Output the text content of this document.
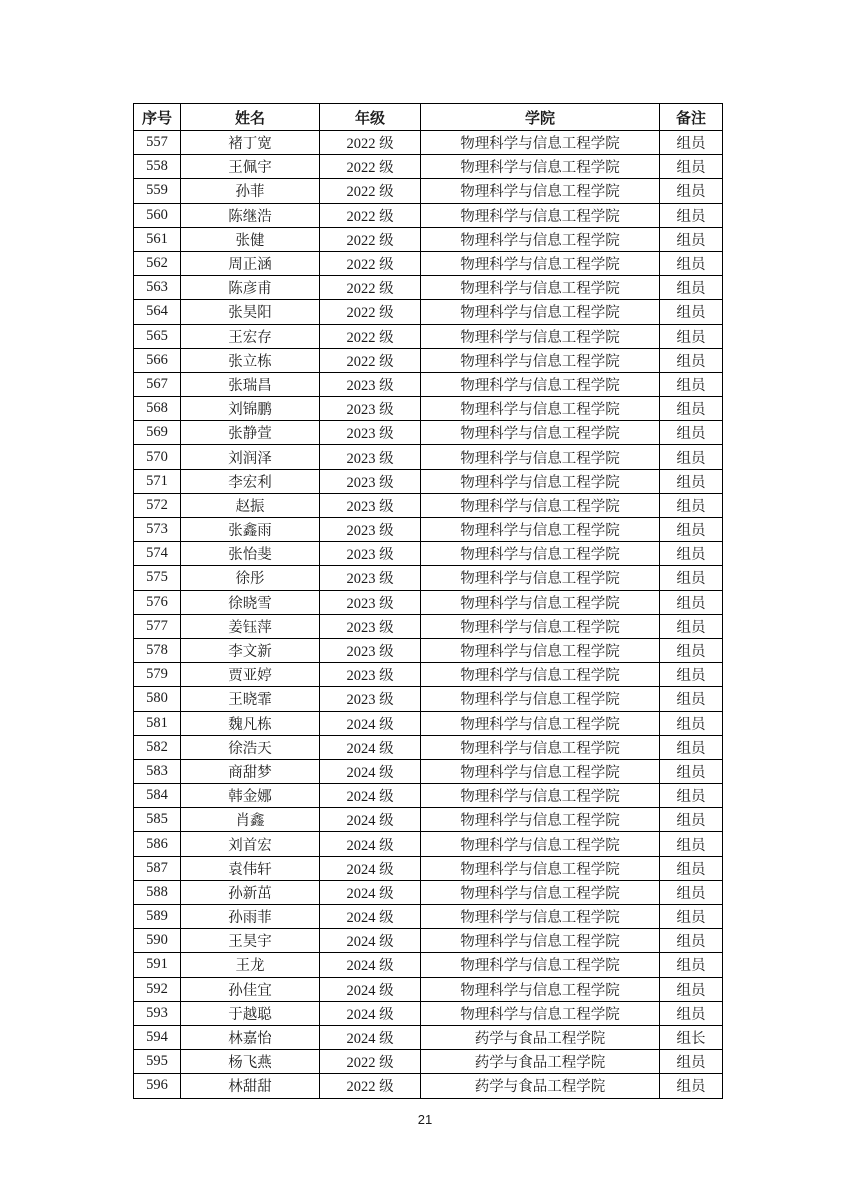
序号	姓名	年级	学院	备注
557	褚丁宽	2022 级	物理科学与信息工程学院	组员
558	王佩宇	2022 级	物理科学与信息工程学院	组员
559	孙菲	2022 级	物理科学与信息工程学院	组员
560	陈继浩	2022 级	物理科学与信息工程学院	组员
561	张健	2022 级	物理科学与信息工程学院	组员
562	周正涵	2022 级	物理科学与信息工程学院	组员
563	陈彦甫	2022 级	物理科学与信息工程学院	组员
564	张昊阳	2022 级	物理科学与信息工程学院	组员
565	王宏存	2022 级	物理科学与信息工程学院	组员
566	张立栋	2022 级	物理科学与信息工程学院	组员
567	张瑞昌	2023 级	物理科学与信息工程学院	组员
568	刘锦鹏	2023 级	物理科学与信息工程学院	组员
569	张静萱	2023 级	物理科学与信息工程学院	组员
570	刘润泽	2023 级	物理科学与信息工程学院	组员
571	李宏利	2023 级	物理科学与信息工程学院	组员
572	赵振	2023 级	物理科学与信息工程学院	组员
573	张鑫雨	2023 级	物理科学与信息工程学院	组员
574	张怡斐	2023 级	物理科学与信息工程学院	组员
575	徐彤	2023 级	物理科学与信息工程学院	组员
576	徐晓雪	2023 级	物理科学与信息工程学院	组员
577	姜钰萍	2023 级	物理科学与信息工程学院	组员
578	李文新	2023 级	物理科学与信息工程学院	组员
579	贾亚婷	2023 级	物理科学与信息工程学院	组员
580	王晓霏	2023 级	物理科学与信息工程学院	组员
581	魏凡栋	2024 级	物理科学与信息工程学院	组员
582	徐浩天	2024 级	物理科学与信息工程学院	组员
583	商甜梦	2024 级	物理科学与信息工程学院	组员
584	韩金娜	2024 级	物理科学与信息工程学院	组员
585	肖鑫	2024 级	物理科学与信息工程学院	组员
586	刘首宏	2024 级	物理科学与信息工程学院	组员
587	袁伟轩	2024 级	物理科学与信息工程学院	组员
588	孙新茁	2024 级	物理科学与信息工程学院	组员
589	孙雨菲	2024 级	物理科学与信息工程学院	组员
590	王昊宇	2024 级	物理科学与信息工程学院	组员
591	王龙	2024 级	物理科学与信息工程学院	组员
592	孙佳宜	2024 级	物理科学与信息工程学院	组员
593	于越聪	2024 级	物理科学与信息工程学院	组员
594	林嘉怡	2024 级	药学与食品工程学院	组长
595	杨飞燕	2022 级	药学与食品工程学院	组员
596	林甜甜	2022 级	药学与食品工程学院	组员
21
